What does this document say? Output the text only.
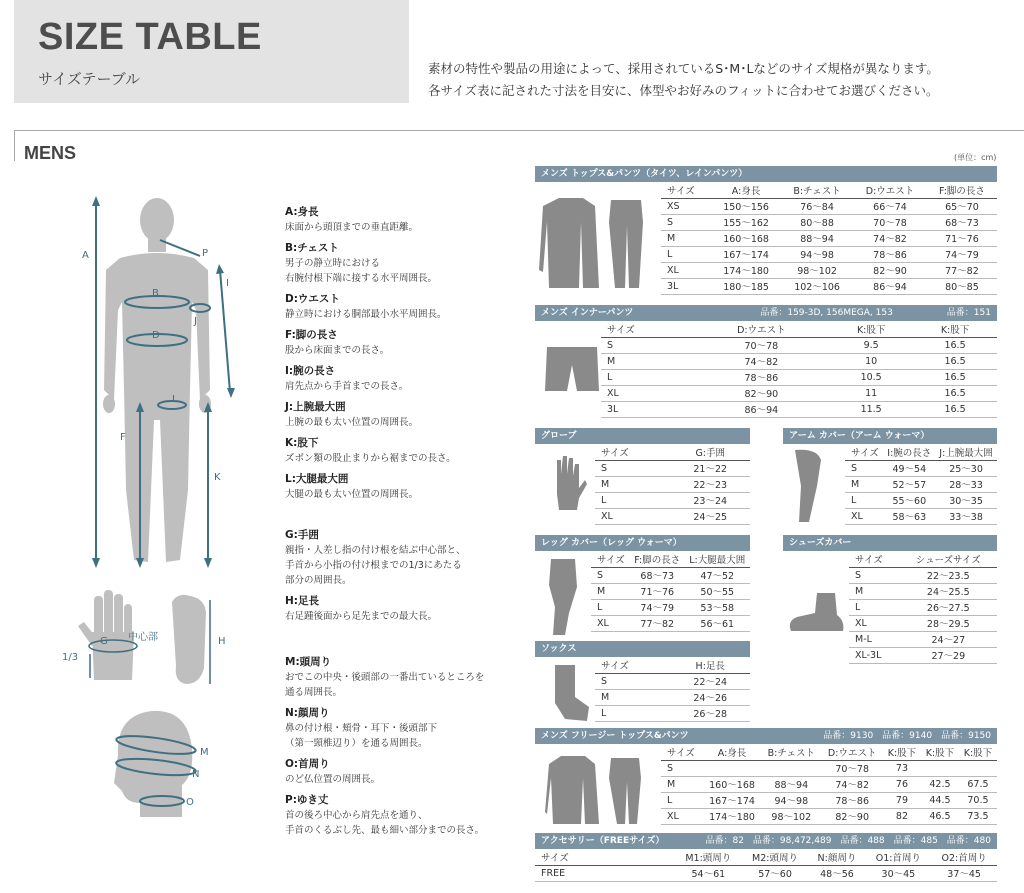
SIZE TABLE
サイズテーブル
素材の特性や製品の用途によって、採用されているS･M･Lなどのサイズ規格が異なります。
各サイズ表に記された寸法を目安に、体型やお好みのフィットに合わせてお選びください。
MENS	(単位：cm)
A
B
D
F
I
J
K
L
P
G 中心部
1/3
H
M
N
O
A:身長
床面から頭頂までの垂直距離。
B:チェスト
男子の静立時における
右腕付根下端に接する水平周囲長。
D:ウエスト
静立時における胴部最小水平周囲長。
F:脚の長さ
股から床面までの長さ。
I:腕の長さ
肩先点から手首までの長さ。
J:上腕最大囲
上腕の最も太い位置の周囲長。
K:股下
ズボン類の股止まりから裾までの長さ。
L:大腿最大囲
大腿の最も太い位置の周囲長。
G:手囲
親指・人差し指の付け根を結ぶ中心部と、
手首から小指の付け根までの1/3にあたる
部分の周囲長。
H:足長
右足踵後面から足先までの最大長。
M:頭周り
おでこの中央・後頭部の一番出ているところを
通る周囲長。
N:顔周り
鼻の付け根・頬骨・耳下・後頭部下
（第一頸椎辺り）を通る周囲長。
O:首周り
のど仏位置の周囲長。
P:ゆき丈
首の後ろ中心から肩先点を通り、
手首のくるぶし先、最も細い部分までの長さ。
メンズ トップス&パンツ（タイツ、レインパンツ）
サイズ	A:身長	B:チェスト	D:ウエスト	F:脚の長さ
XS	150〜156	76〜84	66〜74	65〜70
S	155〜162	80〜88	70〜78	68〜73
M	160〜168	88〜94	74〜82	71〜76
L	167〜174	94〜98	78〜86	74〜79
XL	174〜180	98〜102	82〜90	77〜82
3L	180〜185	102〜106	86〜94	80〜85
メンズ インナーパンツ	品番：159-3D, 156MEGA, 153　　　　　　品番：151
サイズ	D:ウエスト	K:股下	K:股下
S	70〜78	9.5	16.5
M	74〜82	10	16.5
L	78〜86	10.5	16.5
XL	82〜90	11	16.5
3L	86〜94	11.5	16.5
グローブ
サイズ	G:手囲
S	21〜22
M	22〜23
L	23〜24
XL	24〜25
アーム カバー（アーム ウォーマ）
サイズ	I:腕の長さ	J:上腕最大囲
S	49〜54	25〜30
M	52〜57	28〜33
L	55〜60	30〜35
XL	58〜63	33〜38
レッグ カバー（レッグ ウォーマ）
サイズ	F:脚の長さ	L:大腿最大囲
S	68〜73	47〜52
M	71〜76	50〜55
L	74〜79	53〜58
XL	77〜82	56〜61
シューズカバー
サイズ	シューズサイズ
S	22〜23.5
M	24〜25.5
L	26〜27.5
XL	28〜29.5
M-L	24〜27
XL-3L	27〜29
ソックス
サイズ	H:足長
S	22〜24
M	24〜26
L	26〜28
メンズ フリージー トップス&パンツ	品番：9130　品番：9140　品番：9150
サイズ	A:身長	B:チェスト	D:ウエスト	K:股下	K:股下	K:股下
S			70〜78	73		
M	160〜168	88〜94	74〜82	76	42.5	67.5
L	167〜174	94〜98	78〜86	79	44.5	70.5
XL	174〜180	98〜102	82〜90	82	46.5	73.5
アクセサリー（FREEサイズ）	品番：82　品番：98,472,489　品番：488　品番：485　品番：480
サイズ	M1:頭周り	M2:頭周り	N:顔周り	O1:首周り	O2:首周り
FREE	54〜61	57〜60	48〜56	30〜45	37〜45
